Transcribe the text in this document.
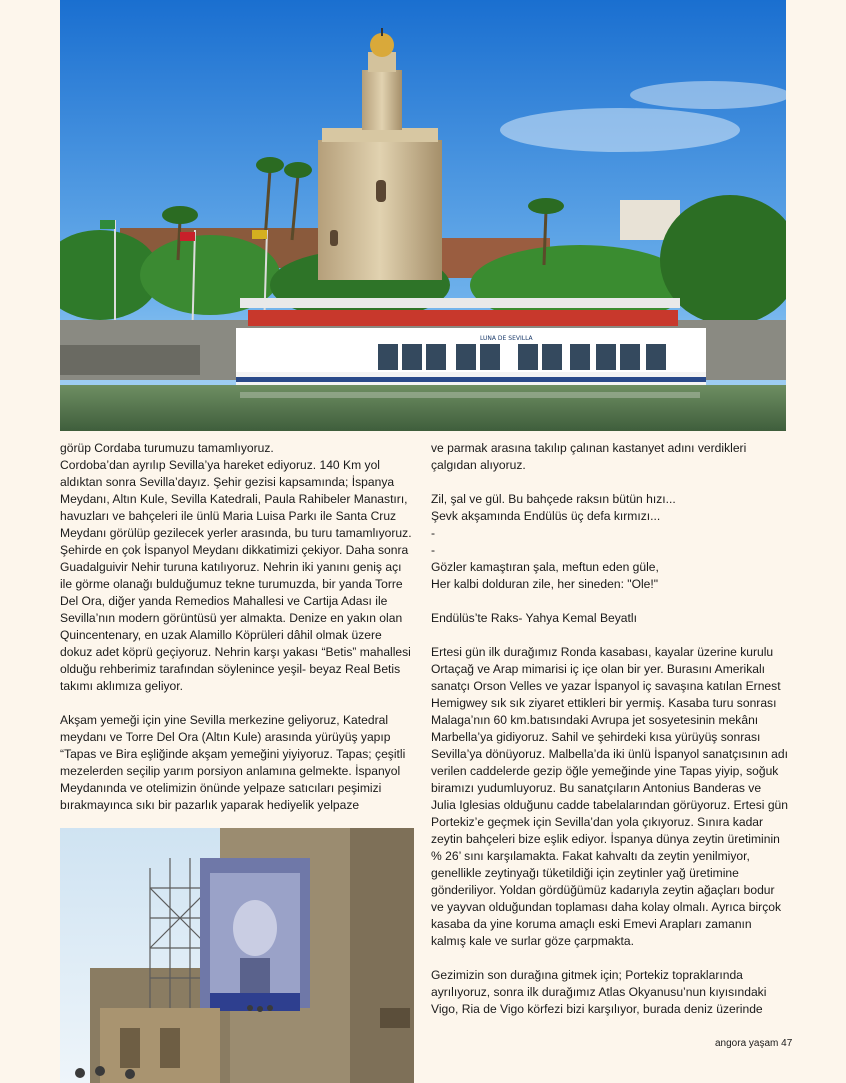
LUNA DE SEVILLA

görüp Cordaba turumuzu tamamlıyoruz.

Cordoba’dan ayrılıp Sevilla’ya hareket ediyoruz. 140 Km yol aldıktan sonra Sevilla’dayız. Şehir gezisi kapsamında; İspanya Meydanı, Altın Kule, Sevilla Katedrali, Paula Rahibeler Manastırı, havuzları ve bahçeleri ile ünlü Maria Luisa Parkı ile Santa Cruz Meydanı görülüp gezilecek yerler arasında, bu turu tamamlıyoruz. Şehirde en çok İspanyol Meydanı dikkatimizi çekiyor. Daha sonra Guadalguivir Nehir turuna katılıyoruz. Nehrin iki yanını geniş açı ile görme olanağı bulduğumuz tekne turumuzda, bir yanda Torre Del Ora, diğer yanda Remedios Mahallesi ve Cartija Adası ile Sevilla’nın modern görüntüsü yer almakta. Denize en yakın olan Quincentenary, en uzak Alamillo Köprüleri dâhil olmak üzere dokuz adet köprü geçiyoruz. Nehrin karşı yakası “Betis” mahallesi olduğu rehberimiz tarafından söylenince yeşil- beyaz Real Betis takımı aklımıza geliyor.

Akşam yemeği için yine Sevilla merkezine geliyoruz, Katedral meydanı ve Torre Del Ora (Altın Kule) arasında yürüyüş yapıp “Tapas ve Bira eşliğinde akşam yemeğini yiyiyoruz. Tapas; çeşitli mezelerden seçilip yarım porsiyon anlamına gelmekte. İspanyol Meydanında ve otelimizin önünde yelpaze satıcıları peşimizi bırakmayınca sıkı bir pazarlık yaparak hediyelik yelpaze

ve parmak arasına takılıp çalınan kastanyet adını verdikleri çalgıdan alıyoruz.

Zil, şal ve gül. Bu bahçede raksın bütün hızı...

Şevk akşamında Endülüs üç defa kırmızı...

-

-

Gözler kamaştıran şala, meftun eden güle,

Her kalbi dolduran zile, her sineden: "Ole!"

Endülüs’te Raks- Yahya Kemal Beyatlı

Ertesi gün ilk durağımız Ronda kasabası, kayalar üzerine kurulu Ortaçağ ve Arap mimarisi iç içe olan bir yer. Burasını Amerikalı sanatçı Orson Velles ve yazar İspanyol iç savaşına katılan Ernest Hemigwey sık sık ziyaret ettikleri bir yermiş. Kasaba turu sonrası Malaga’nın 60 km.batısındaki Avrupa jet sosyetesinin mekânı Marbella’ya gidiyoruz. Sahil ve şehirdeki kısa yürüyüş sonrası Sevilla’ya dönüyoruz. Malbella’da iki ünlü İspanyol sanatçısının adı verilen caddelerde gezip öğle yemeğinde yine Tapas yiyip, soğuk biramızı yudumluyoruz. Bu sanatçıların Antonius Banderas ve Julia Iglesias olduğunu cadde tabelalarından görüyoruz. Ertesi gün Portekiz’e geçmek için Sevilla’dan yola çıkıyoruz. Sınıra kadar zeytin bahçeleri bize eşlik ediyor. İspanya dünya zeytin üretiminin % 26’ sını karşılamakta. Fakat kahvaltı da zeytin yenilmiyor, genellikle zeytinyağı tüketildiği için zeytinler yağ üretimine gönderiliyor. Yoldan gördüğümüz kadarıyla zeytin ağaçları bodur ve yayvan olduğundan toplaması daha kolay olmalı. Ayrıca birçok kasaba da yine koruma amaçlı eski Emevi Arapları zamanın kalmış kale ve surlar göze çarpmakta.

Gezimizin son durağına gitmek için; Portekiz topraklarında ayrılıyoruz, sonra ilk durağımız Atlas Okyanusu’nun kıyısındaki Vigo, Ria de Vigo körfezi bizi karşılıyor, burada deniz üzerinde

angora yaşam 47
